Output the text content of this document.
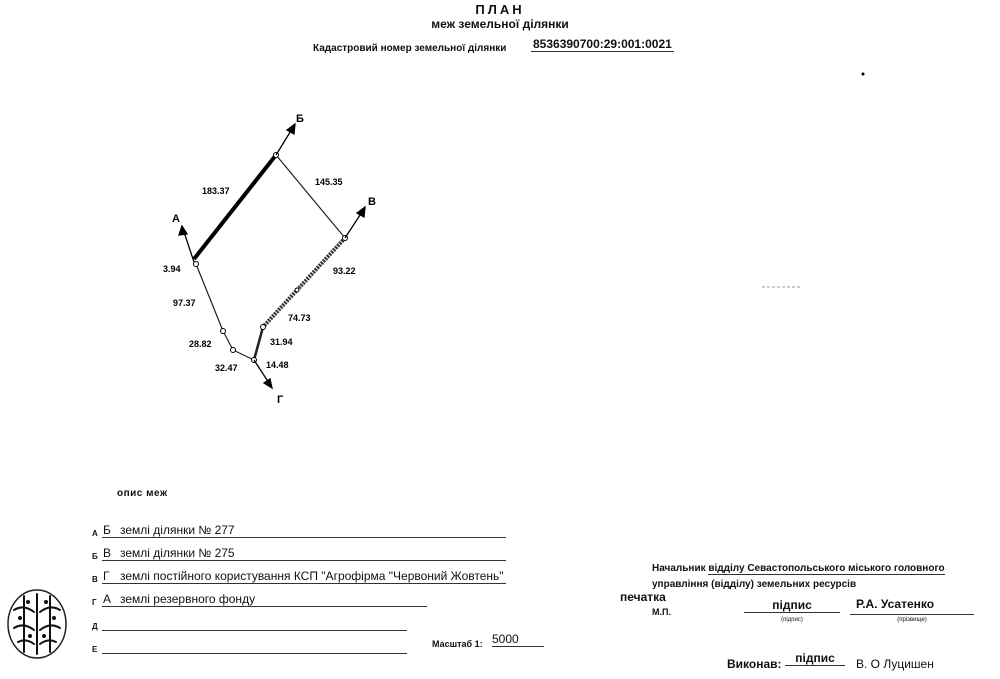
ПЛАН
меж земельної ділянки
Кадастровий номер земельної ділянки 8536390700:29:001:0021
Б
В
А
Г
183.37
145.35
93.22
74.73
31.94
14.48
32.47
28.82
97.37
3.94
опис меж
А Б землі ділянки № 277
Б В землі ділянки № 275
В Г землі постійного користування КСП "Агрофірма "Червоний Жовтень"
Г А землі резервного фонду
Д
Е
Масштаб 1: 5000
Начальник відділу Севастопольського міського головного
управління (відділу) земельних ресурсів
печатка
М.П.	підпис
(підпис)
Р.А. Усатенко
(прізвище)
Виконав:	підпис	В. О Луцишен
